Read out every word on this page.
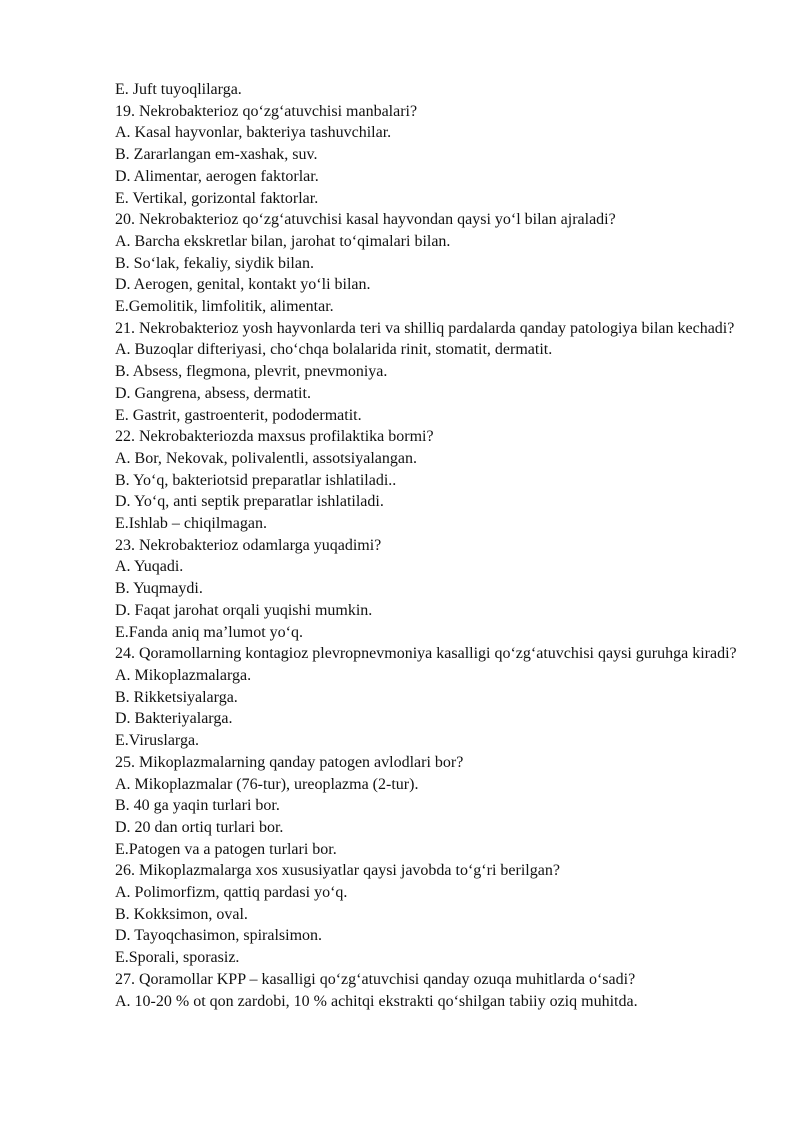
E. Juft tuyoqlilarga.
19. Nekrobakterioz qo‘zg‘atuvchisi manbalari?
A. Kasal hayvonlar, bakteriya tashuvchilar.
B. Zararlangan em-xashak, suv.
D. Alimentar, aerogen faktorlar.
E. Vertikal, gorizontal faktorlar.
20. Nekrobakterioz qo‘zg‘atuvchisi kasal hayvondan qaysi yo‘l bilan ajraladi?
A. Barcha ekskretlar bilan, jarohat to‘qimalari bilan.
B. So‘lak, fekaliy, siydik bilan.
D. Aerogen, genital, kontakt yo‘li bilan.
E.Gemolitik, limfolitik, alimentar.
21. Nekrobakterioz yosh hayvonlarda teri va shilliq pardalarda qanday patologiya bilan kechadi?
A. Buzoqlar difteriyasi, cho‘chqa bolalarida rinit, stomatit, dermatit.
B. Absess, flegmona, plevrit, pnevmoniya.
D. Gangrena, absess, dermatit.
E. Gastrit, gastroenterit, pododermatit.
22. Nekrobakteriozda maxsus profilaktika bormi?
A. Bor, Nekovak, polivalentli, assotsiyalangan.
B. Yo‘q, bakteriotsid preparatlar ishlatiladi..
D. Yo‘q, anti septik preparatlar ishlatiladi.
E.Ishlab – chiqilmagan.
23. Nekrobakterioz odamlarga yuqadimi?
A. Yuqadi.
B. Yuqmaydi.
D. Faqat jarohat orqali yuqishi mumkin.
E.Fanda aniq ma’lumot yo‘q.
24. Qoramollarning kontagioz plevropnevmoniya kasalligi qo‘zg‘atuvchisi qaysi guruhga kiradi?
A. Mikoplazmalarga.
B. Rikketsiyalarga.
D. Bakteriyalarga.
E.Viruslarga.
25. Mikoplazmalarning qanday patogen avlodlari bor?
A. Mikoplazmalar (76-tur), ureoplazma (2-tur).
B. 40 ga yaqin turlari bor.
D. 20 dan ortiq turlari bor.
E.Patogen va a patogen turlari bor.
26. Mikoplazmalarga xos xususiyatlar qaysi javobda to‘g‘ri berilgan?
A. Polimorfizm, qattiq pardasi yo‘q.
B. Kokksimon, oval.
D. Tayoqchasimon, spiralsimon.
E.Sporali, sporasiz.
27. Qoramollar KPP – kasalligi qo‘zg‘atuvchisi qanday ozuqa muhitlarda o‘sadi?
A. 10-20 % ot qon zardobi, 10 % achitqi ekstrakti qo‘shilgan tabiiy oziq muhitda.
